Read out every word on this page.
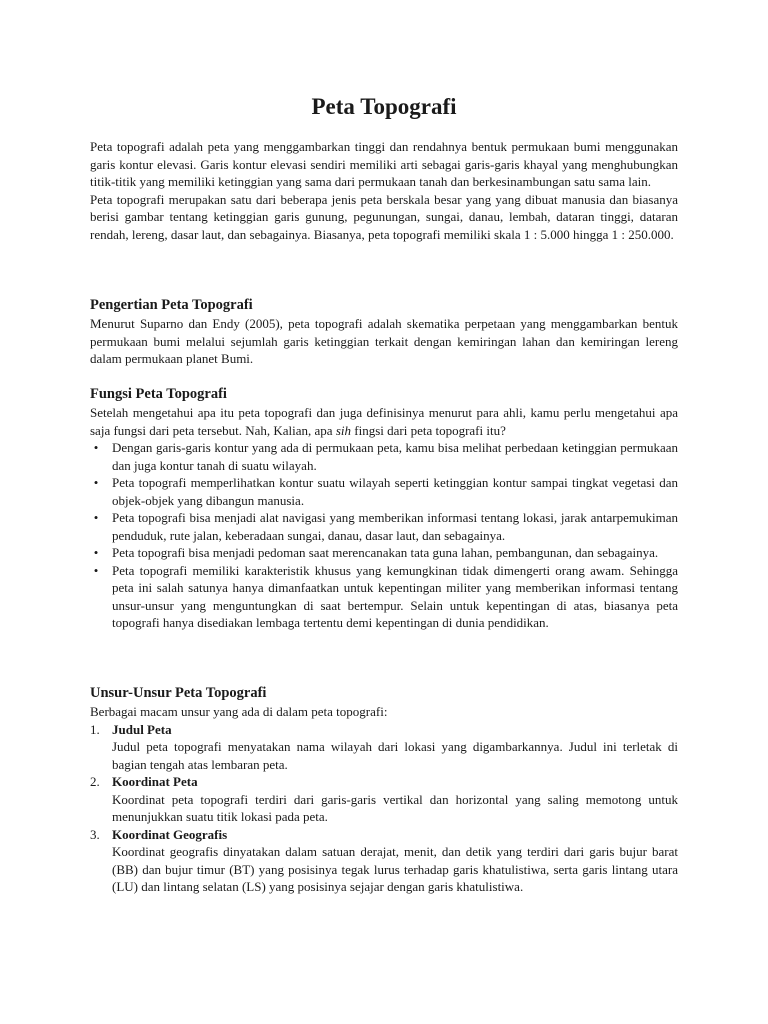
Peta Topografi

Peta topografi adalah peta yang menggambarkan tinggi dan rendahnya bentuk permukaan bumi menggunakan garis kontur elevasi. Garis kontur elevasi sendiri memiliki arti sebagai garis-garis khayal yang menghubungkan titik-titik yang memiliki ketinggian yang sama dari permukaan tanah dan berkesinambungan satu sama lain.

Peta topografi merupakan satu dari beberapa jenis peta berskala besar yang yang dibuat manusia dan biasanya berisi gambar tentang ketinggian garis gunung, pegunungan, sungai, danau, lembah, dataran tinggi, dataran rendah, lereng, dasar laut, dan sebagainya. Biasanya, peta topografi memiliki skala 1 : 5.000 hingga 1 : 250.000.

Pengertian Peta Topografi

Menurut Suparno dan Endy (2005), peta topografi adalah skematika perpetaan yang menggambarkan bentuk permukaan bumi melalui sejumlah garis ketinggian terkait dengan kemiringan lahan dan kemiringan lereng dalam permukaan planet Bumi.

Fungsi Peta Topografi

Setelah mengetahui apa itu peta topografi dan juga definisinya menurut para ahli, kamu perlu mengetahui apa saja fungsi dari peta tersebut. Nah, Kalian, apa sih fingsi dari peta topografi itu?

• Dengan garis-garis kontur yang ada di permukaan peta, kamu bisa melihat perbedaan ketinggian permukaan dan juga kontur tanah di suatu wilayah.
• Peta topografi memperlihatkan kontur suatu wilayah seperti ketinggian kontur sampai tingkat vegetasi dan objek-objek yang dibangun manusia.
• Peta topografi bisa menjadi alat navigasi yang memberikan informasi tentang lokasi, jarak antarpemukiman penduduk, rute jalan, keberadaan sungai, danau, dasar laut, dan sebagainya.
• Peta topografi bisa menjadi pedoman saat merencanakan tata guna lahan, pembangunan, dan sebagainya.
• Peta topografi memiliki karakteristik khusus yang kemungkinan tidak dimengerti orang awam. Sehingga peta ini salah satunya hanya dimanfaatkan untuk kepentingan militer yang memberikan informasi tentang unsur-unsur yang menguntungkan di saat bertempur. Selain untuk kepentingan di atas, biasanya peta topografi hanya disediakan lembaga tertentu demi kepentingan di dunia pendidikan.
Unsur-Unsur Peta Topografi

Berbagai macam unsur yang ada di dalam peta topografi:

1. Judul Peta
Judul peta topografi menyatakan nama wilayah dari lokasi yang digambarkannya. Judul ini terletak di bagian tengah atas lembaran peta.
2. Koordinat Peta
Koordinat peta topografi terdiri dari garis-garis vertikal dan horizontal yang saling memotong untuk menunjukkan suatu titik lokasi pada peta.
3. Koordinat Geografis
Koordinat geografis dinyatakan dalam satuan derajat, menit, dan detik yang terdiri dari garis bujur barat (BB) dan bujur timur (BT) yang posisinya tegak lurus terhadap garis khatulistiwa, serta garis lintang utara (LU) dan lintang selatan (LS) yang posisinya sejajar dengan garis khatulistiwa.
